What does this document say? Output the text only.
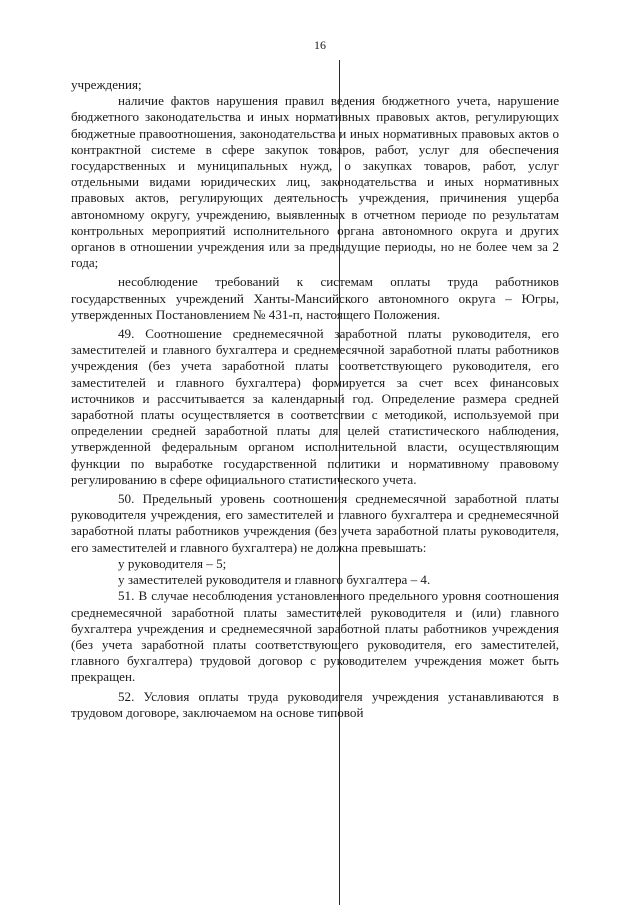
16

учреждения;

наличие фактов нарушения правил ведения бюджетного учета, нарушение бюджетного законодательства и иных нормативных правовых актов, регулирующих бюджетные правоотношения, законодательства и иных нормативных правовых актов о контрактной системе в сфере закупок товаров, работ, услуг для обеспечения государственных и муниципальных нужд, о закупках товаров, работ, услуг отдельными видами юридических лиц, законодательства и иных нормативных правовых актов, регулирующих деятельность учреждения, причинения ущерба автономному округу, учреждению, выявленных в отчетном периоде по результатам контрольных мероприятий исполнительного органа автономного округа и других органов в отношении учреждения или за предыдущие периоды, но не более чем за 2 года;

несоблюдение требований к системам оплаты труда работников государственных учреждений Ханты-Мансийского автономного округа – Югры, утвержденных Постановлением № 431-п, настоящего Положения.

49. Соотношение среднемесячной заработной платы руководителя, его заместителей и главного бухгалтера и среднемесячной заработной платы работников учреждения (без учета заработной платы соответствующего руководителя, его заместителей и главного бухгалтера) формируется за счет всех финансовых источников и рассчитывается за календарный год. Определение размера средней заработной платы осуществляется в соответствии с методикой, используемой при определении средней заработной платы для целей статистического наблюдения, утвержденной федеральным органом исполнительной власти, осуществляющим функции по выработке государственной политики и нормативному правовому регулированию в сфере официального статистического учета.

50. Предельный уровень соотношения среднемесячной заработной платы руководителя учреждения, его заместителей и главного бухгалтера и среднемесячной заработной платы работников учреждения (без учета заработной платы руководителя, его заместителей и главного бухгалтера) не должна превышать:

у руководителя – 5;

у заместителей руководителя и главного бухгалтера – 4.

51. В случае несоблюдения установленного предельного уровня соотношения среднемесячной заработной платы заместителей руководителя и (или) главного бухгалтера учреждения и среднемесячной заработной платы работников учреждения (без учета заработной платы соответствующего руководителя, его заместителей, главного бухгалтера) трудовой договор с руководителем учреждения может быть прекращен.

52. Условия оплаты труда руководителя учреждения устанавливаются в трудовом договоре, заключаемом на основе типовой
